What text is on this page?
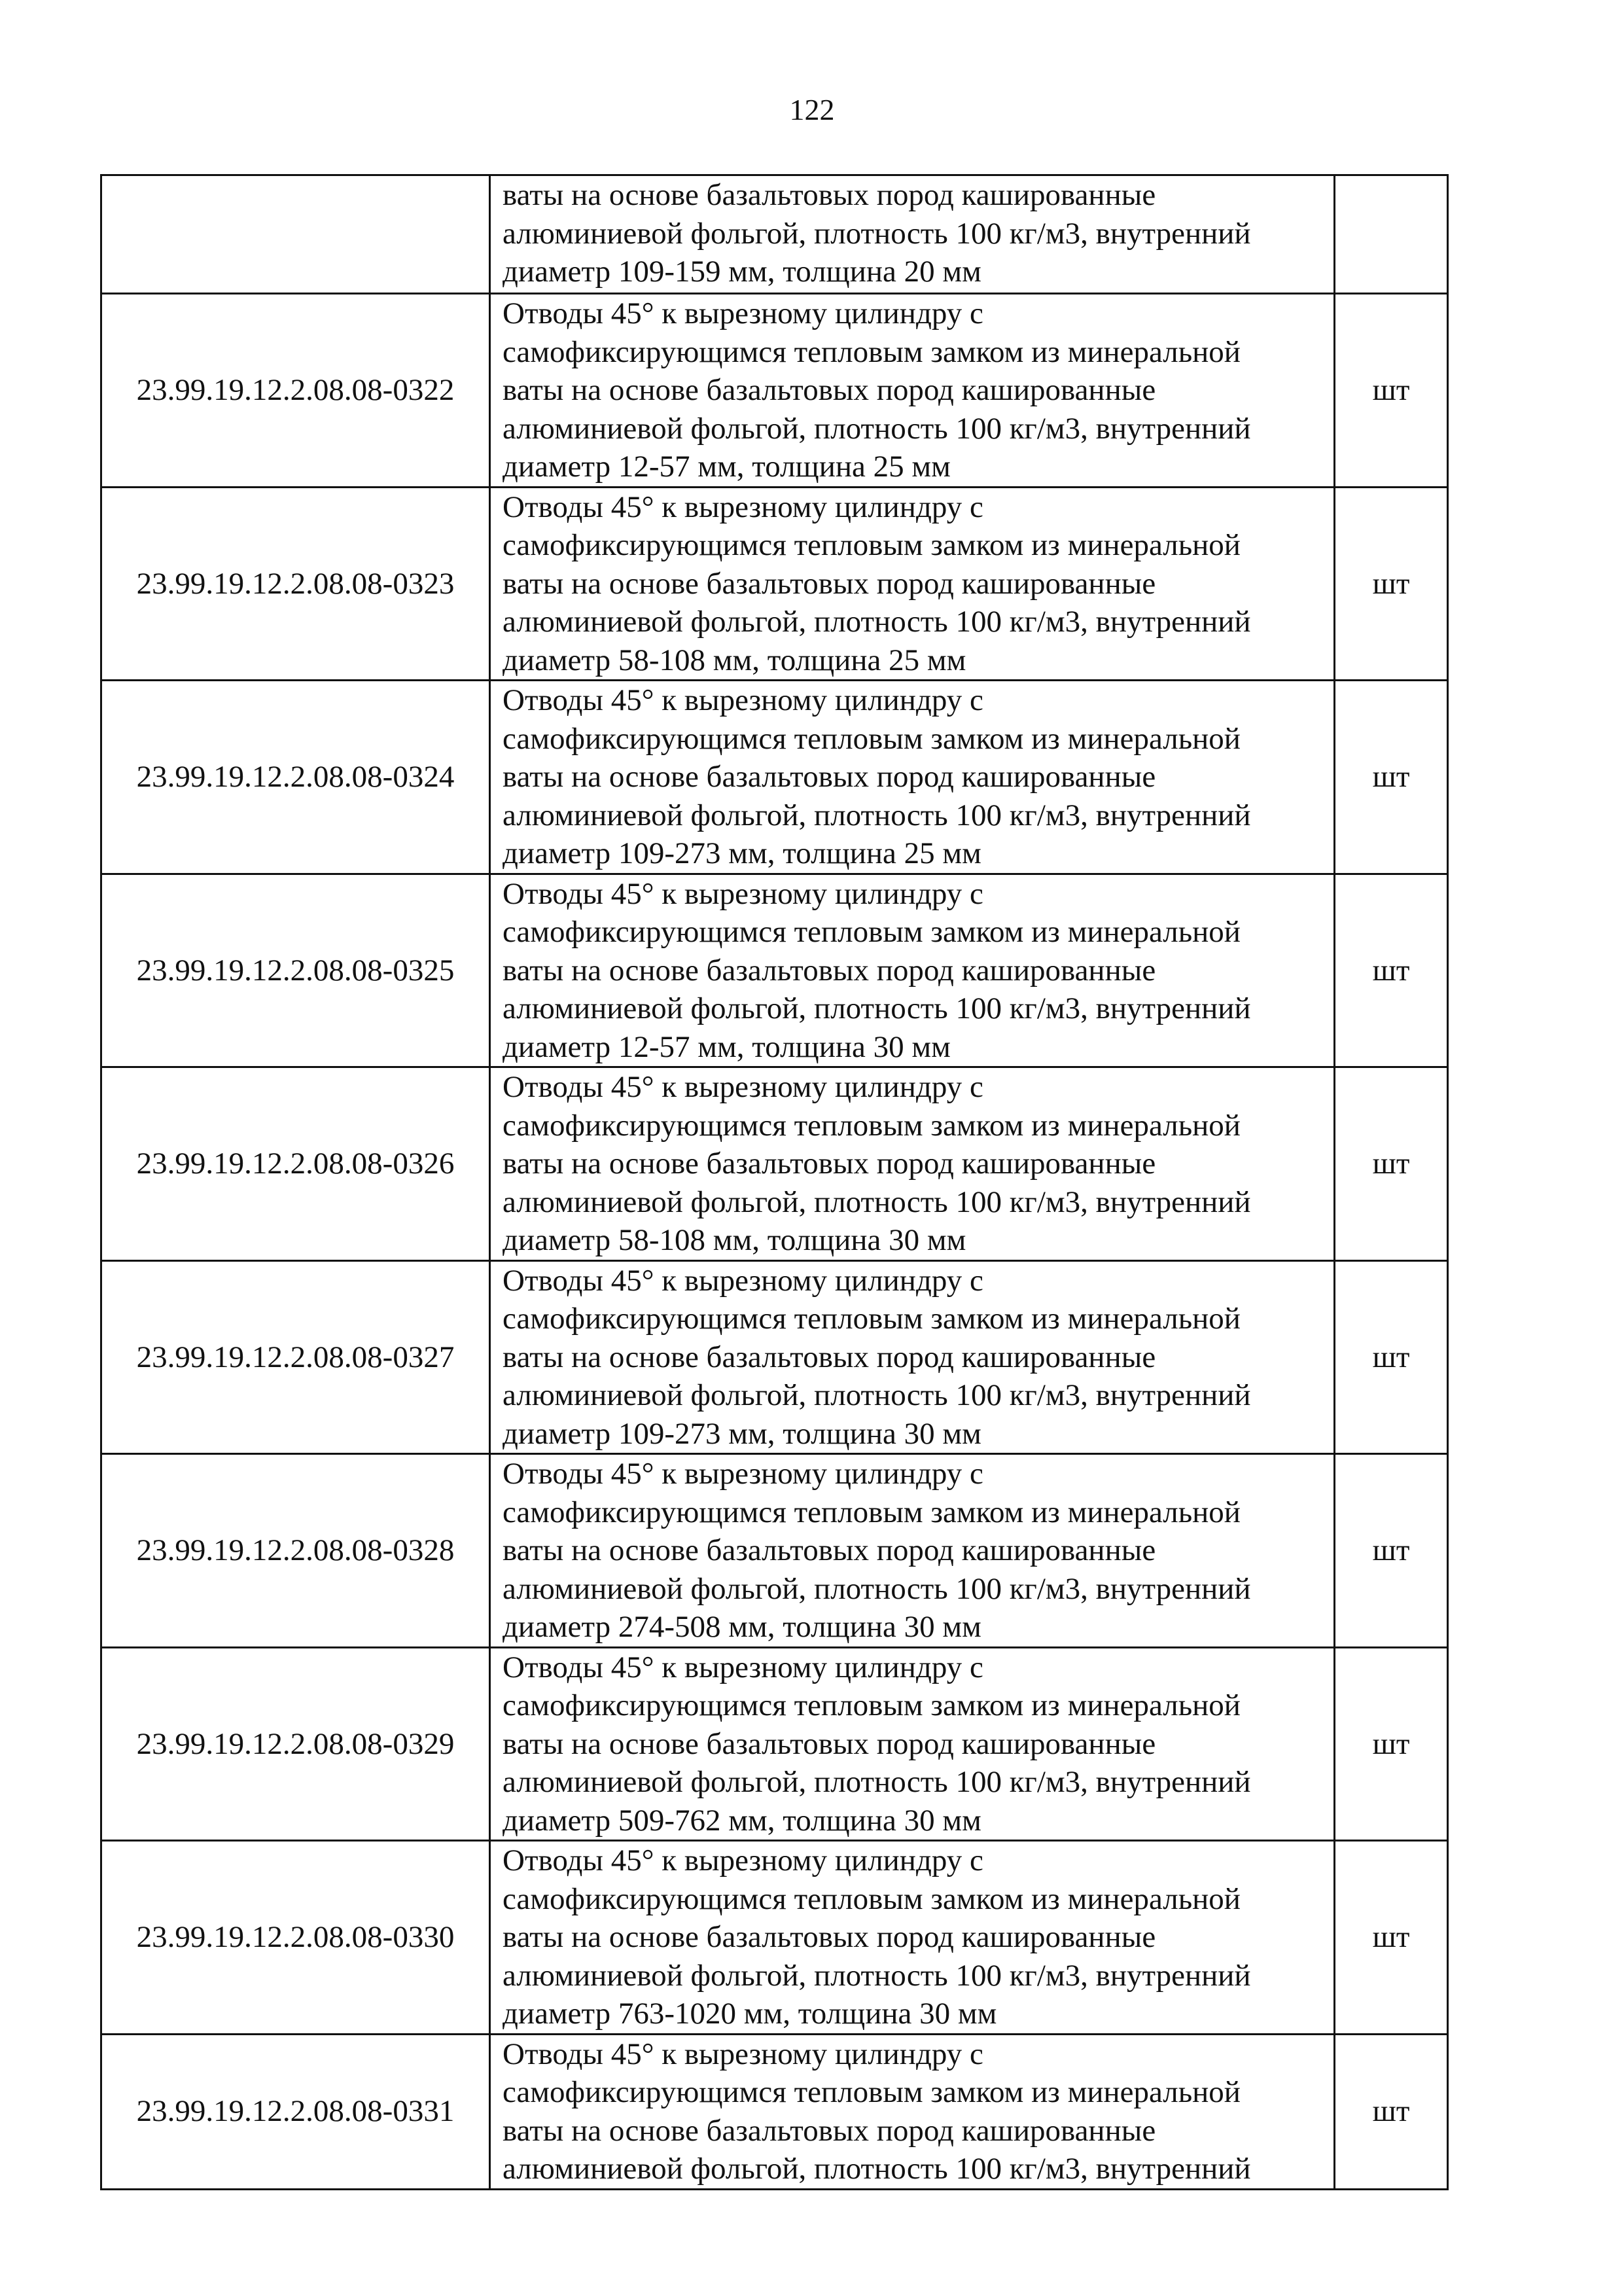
122
	ваты на основе базальтовых пород кашированные
алюминиевой фольгой, плотность 100 кг/м3, внутренний
диаметр 109-159 мм, толщина 20 мм	
23.99.19.12.2.08.08-0322	Отводы 45° к вырезному цилиндру с
самофиксирующимся тепловым замком из минеральной
ваты на основе базальтовых пород кашированные
алюминиевой фольгой, плотность 100 кг/м3, внутренний
диаметр 12-57 мм, толщина 25 мм	шт
23.99.19.12.2.08.08-0323	Отводы 45° к вырезному цилиндру с
самофиксирующимся тепловым замком из минеральной
ваты на основе базальтовых пород кашированные
алюминиевой фольгой, плотность 100 кг/м3, внутренний
диаметр 58-108 мм, толщина 25 мм	шт
23.99.19.12.2.08.08-0324	Отводы 45° к вырезному цилиндру с
самофиксирующимся тепловым замком из минеральной
ваты на основе базальтовых пород кашированные
алюминиевой фольгой, плотность 100 кг/м3, внутренний
диаметр 109-273 мм, толщина 25 мм	шт
23.99.19.12.2.08.08-0325	Отводы 45° к вырезному цилиндру с
самофиксирующимся тепловым замком из минеральной
ваты на основе базальтовых пород кашированные
алюминиевой фольгой, плотность 100 кг/м3, внутренний
диаметр 12-57 мм, толщина 30 мм	шт
23.99.19.12.2.08.08-0326	Отводы 45° к вырезному цилиндру с
самофиксирующимся тепловым замком из минеральной
ваты на основе базальтовых пород кашированные
алюминиевой фольгой, плотность 100 кг/м3, внутренний
диаметр 58-108 мм, толщина 30 мм	шт
23.99.19.12.2.08.08-0327	Отводы 45° к вырезному цилиндру с
самофиксирующимся тепловым замком из минеральной
ваты на основе базальтовых пород кашированные
алюминиевой фольгой, плотность 100 кг/м3, внутренний
диаметр 109-273 мм, толщина 30 мм	шт
23.99.19.12.2.08.08-0328	Отводы 45° к вырезному цилиндру с
самофиксирующимся тепловым замком из минеральной
ваты на основе базальтовых пород кашированные
алюминиевой фольгой, плотность 100 кг/м3, внутренний
диаметр 274-508 мм, толщина 30 мм	шт
23.99.19.12.2.08.08-0329	Отводы 45° к вырезному цилиндру с
самофиксирующимся тепловым замком из минеральной
ваты на основе базальтовых пород кашированные
алюминиевой фольгой, плотность 100 кг/м3, внутренний
диаметр 509-762 мм, толщина 30 мм	шт
23.99.19.12.2.08.08-0330	Отводы 45° к вырезному цилиндру с
самофиксирующимся тепловым замком из минеральной
ваты на основе базальтовых пород кашированные
алюминиевой фольгой, плотность 100 кг/м3, внутренний
диаметр 763-1020 мм, толщина 30 мм	шт
23.99.19.12.2.08.08-0331	Отводы 45° к вырезному цилиндру с
самофиксирующимся тепловым замком из минеральной
ваты на основе базальтовых пород кашированные
алюминиевой фольгой, плотность 100 кг/м3, внутренний	шт
